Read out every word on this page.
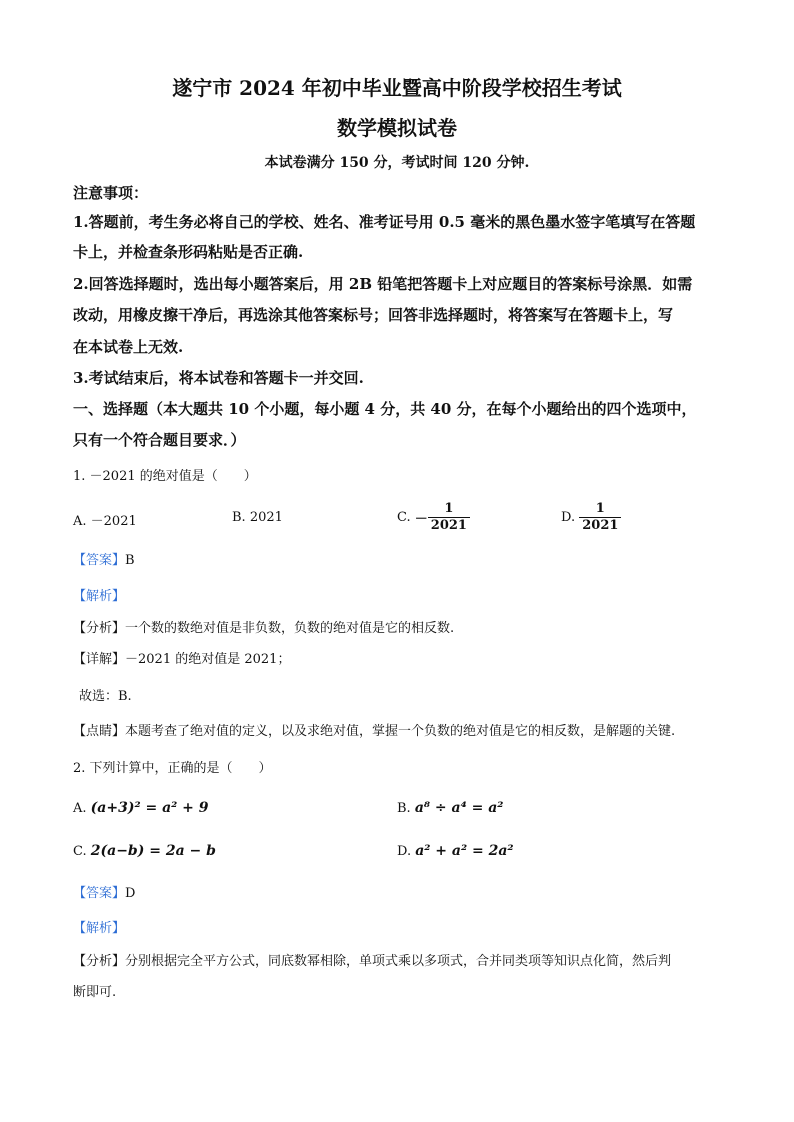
遂宁市 2024 年初中毕业暨高中阶段学校招生考试
数学模拟试卷
本试卷满分 150 分，考试时间 120 分钟.
注意事项：
1.答题前，考生务必将自己的学校、姓名、准考证号用 0.5 毫米的黑色墨水签字笔填写在答题
卡上，并检查条形码粘贴是否正确.
2.回答选择题时，选出每小题答案后，用 2B 铅笔把答题卡上对应题目的答案标号涂黑．如需
改动，用橡皮擦干净后，再选涂其他答案标号；回答非选择题时，将答案写在答题卡上，写
在本试卷上无效.
3.考试结束后，将本试卷和答题卡一并交回.
一、选择题（本大题共 10 个小题，每小题 4 分，共 40 分，在每个小题给出的四个选项中，
只有一个符合题目要求．）
1. －2021 的绝对值是（　　）
A. －2021	B. 2021	C. － $\frac{1}{2021}$	D. $\frac{1}{2021}$
【答案】B
【解析】
【分析】一个数的数绝对值是非负数，负数的绝对值是它的相反数.
【详解】－2021 的绝对值是 2021；
故选：B.
【点睛】本题考查了绝对值的定义，以及求绝对值，掌握一个负数的绝对值是它的相反数，是解题的关键.
2. 下列计算中，正确的是（　　）
A. (a+3)² = a² + 9	B. a⁸ ÷ a⁴ = a²
C. 2(a−b) = 2a − b	D. a² + a² = 2a²
【答案】D
【解析】
【分析】分别根据完全平方公式，同底数幂相除，单项式乘以多项式，合并同类项等知识点化简，然后判
断即可.
